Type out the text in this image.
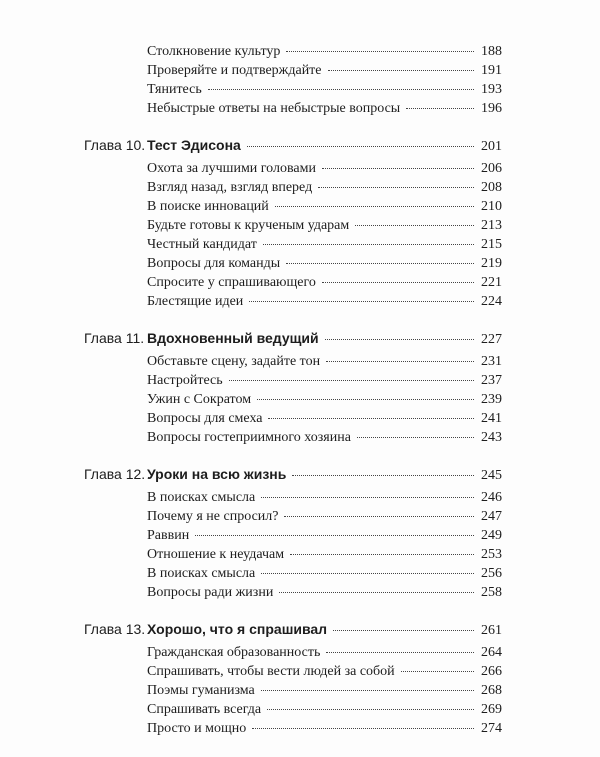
Столкновение культур	188
Проверяйте и подтверждайте	191
Тянитесь	193
Небыстрые ответы на небыстрые вопросы	196
Глава 10. Тест Эдисона	201
Охота за лучшими головами	206
Взгляд назад, взгляд вперед	208
В поиске инноваций	210
Будьте готовы к крученым ударам	213
Честный кандидат	215
Вопросы для команды	219
Спросите у спрашивающего	221
Блестящие идеи	224
Глава 11. Вдохновенный ведущий	227
Обставьте сцену, задайте тон	231
Настройтесь	237
Ужин с Сократом	239
Вопросы для смеха	241
Вопросы гостеприимного хозяина	243
Глава 12. Уроки на всю жизнь	245
В поисках смысла	246
Почему я не спросил?	247
Раввин	249
Отношение к неудачам	253
В поисках смысла	256
Вопросы ради жизни	258
Глава 13. Хорошо, что я спрашивал	261
Гражданская образованность	264
Спрашивать, чтобы вести людей за собой	266
Поэмы гуманизма	268
Спрашивать всегда	269
Просто и мощно	274
